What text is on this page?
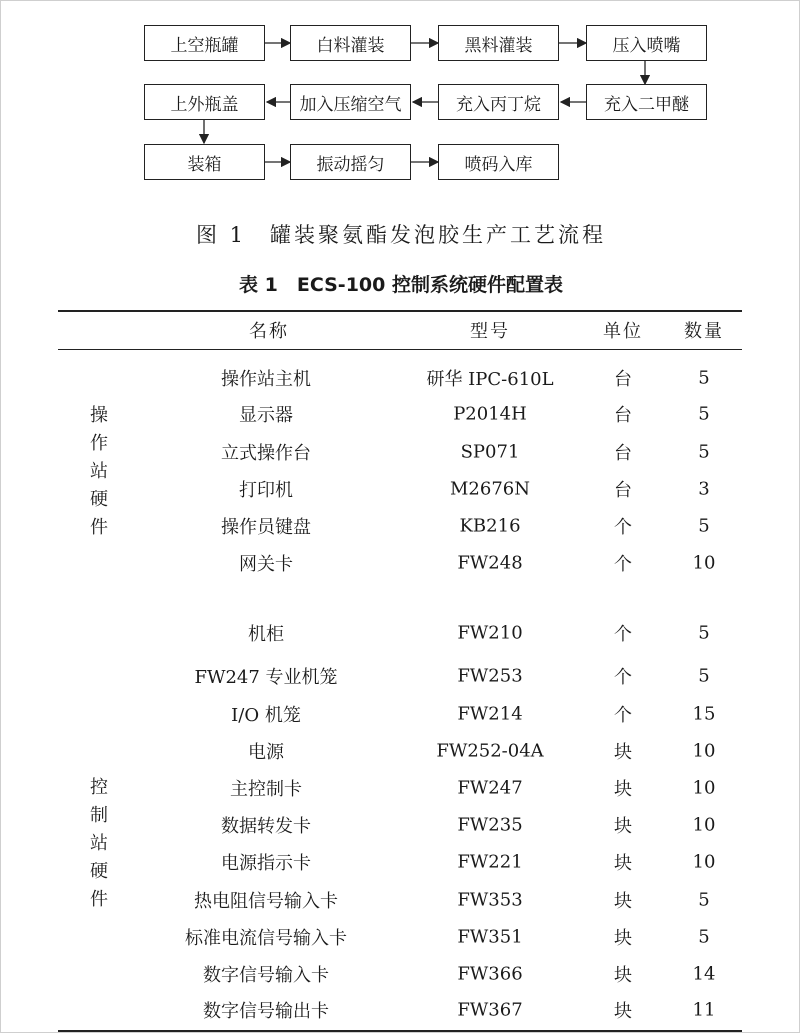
上空瓶罐	白料灌装	黑料灌装	压入喷嘴
上外瓶盖	加入压缩空气	充入丙丁烷	充入二甲醚
装箱	振动摇匀	喷码入库
图 1　罐装聚氨酯发泡胶生产工艺流程
表 1　ECS-100 控制系统硬件配置表
名称	型号	单位 数量
操作站硬件
控制站硬件
操作站主机	研华 IPC-610L	台	5
显示器	P2014H	台	5
立式操作台	SP071	台	5
打印机	M2676N	台	3
操作员键盘	KB216	个	5
网关卡	FW248	个	10
机柜	FW210	个	5
FW247 专业机笼	FW253	个	5
I/O 机笼	FW214	个	15
电源	FW252-04A	块	10
主控制卡	FW247	块	10
数据转发卡	FW235	块	10
电源指示卡	FW221	块	10
热电阻信号输入卡	FW353	块	5
标准电流信号输入卡	FW351	块	5
数字信号输入卡	FW366	块	14
数字信号输出卡	FW367	块	11
